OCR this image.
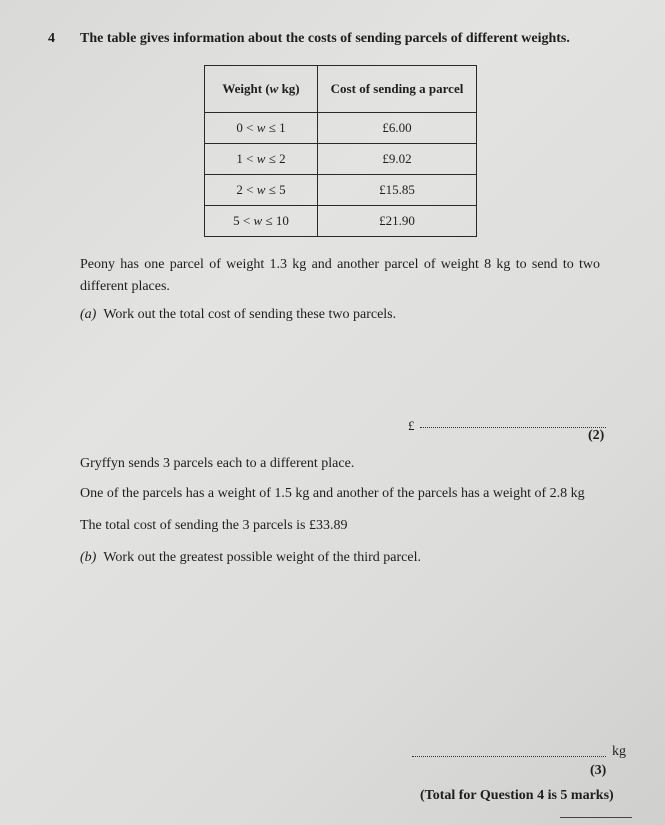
4 The table gives information about the costs of sending parcels of different weights.
Weight (w kg)	Cost of sending a parcel
0 < w ≤ 1	£6.00
1 < w ≤ 2	£9.02
2 < w ≤ 5	£15.85
5 < w ≤ 10	£21.90
Peony has one parcel of weight 1.3 kg and another parcel of weight 8 kg to send to two different places.
(a) Work out the total cost of sending these two parcels.
£
(2)
Gryffyn sends 3 parcels each to a different place.
One of the parcels has a weight of 1.5 kg and another of the parcels has a weight of 2.8 kg
The total cost of sending the 3 parcels is £33.89
(b) Work out the greatest possible weight of the third parcel.
kg
(3)
(Total for Question 4 is 5 marks)
